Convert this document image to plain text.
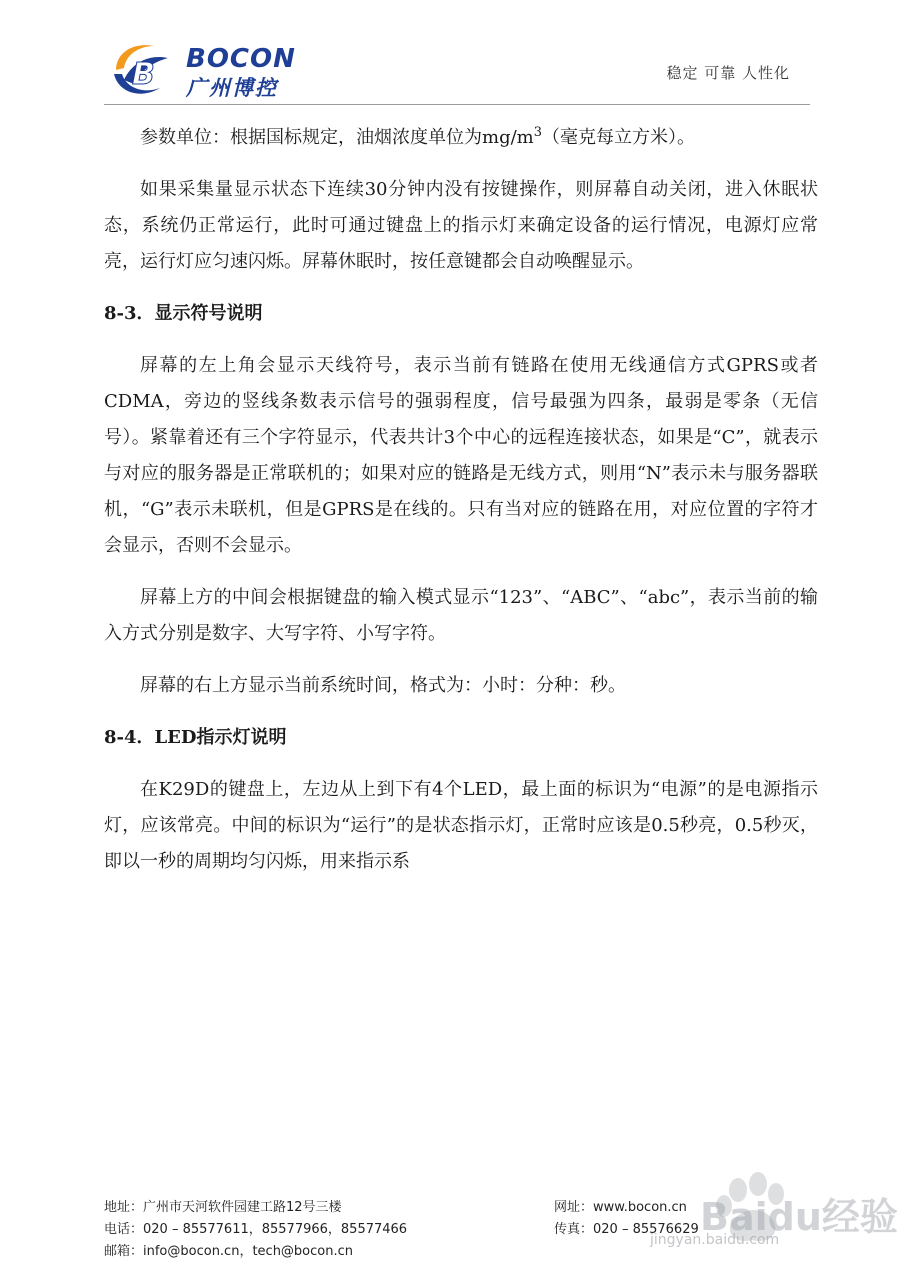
B BOCON
广州博控
稳定 可靠 人性化

参数单位：根据国标规定，油烟浓度单位为$mg/m^3$（毫克每立方米）。

如果采集量显示状态下连续30分钟内没有按键操作，则屏幕自动关闭，进入休眠状态，系统仍正常运行，此时可通过键盘上的指示灯来确定设备的运行情况，电源灯应常亮，运行灯应匀速闪烁。屏幕休眠时，按任意键都会自动唤醒显示。

8-3．显示符号说明

屏幕的左上角会显示天线符号，表示当前有链路在使用无线通信方式GPRS或者CDMA，旁边的竖线条数表示信号的强弱程度，信号最强为四条，最弱是零条（无信号）。紧靠着还有三个字符显示，代表共计3个中心的远程连接状态，如果是“C”，就表示与对应的服务器是正常联机的；如果对应的链路是无线方式，则用“N”表示未与服务器联机，“G”表示未联机，但是GPRS是在线的。只有当对应的链路在用，对应位置的字符才会显示，否则不会显示。

屏幕上方的中间会根据键盘的输入模式显示“123”、“ABC”、“abc”，表示当前的输入方式分别是数字、大写字符、小写字符。

屏幕的右上方显示当前系统时间，格式为：小时：分种：秒。

8-4．LED指示灯说明

在K29D的键盘上，左边从上到下有4个LED，最上面的标识为“电源”的是电源指示灯，应该常亮。中间的标识为“运行”的是状态指示灯，正常时应该是0.5秒亮，0.5秒灭，即以一秒的周期均匀闪烁，用来指示系

地址：广州市天河软件园建工路12号三楼	网址：www.bocon.cn
电话：020 – 85577611，85577966，85577466	传真：020 – 85576629
邮箱：info@bocon.cn，tech@bocon.cn
Baidu经验
jingyan.baidu.com
